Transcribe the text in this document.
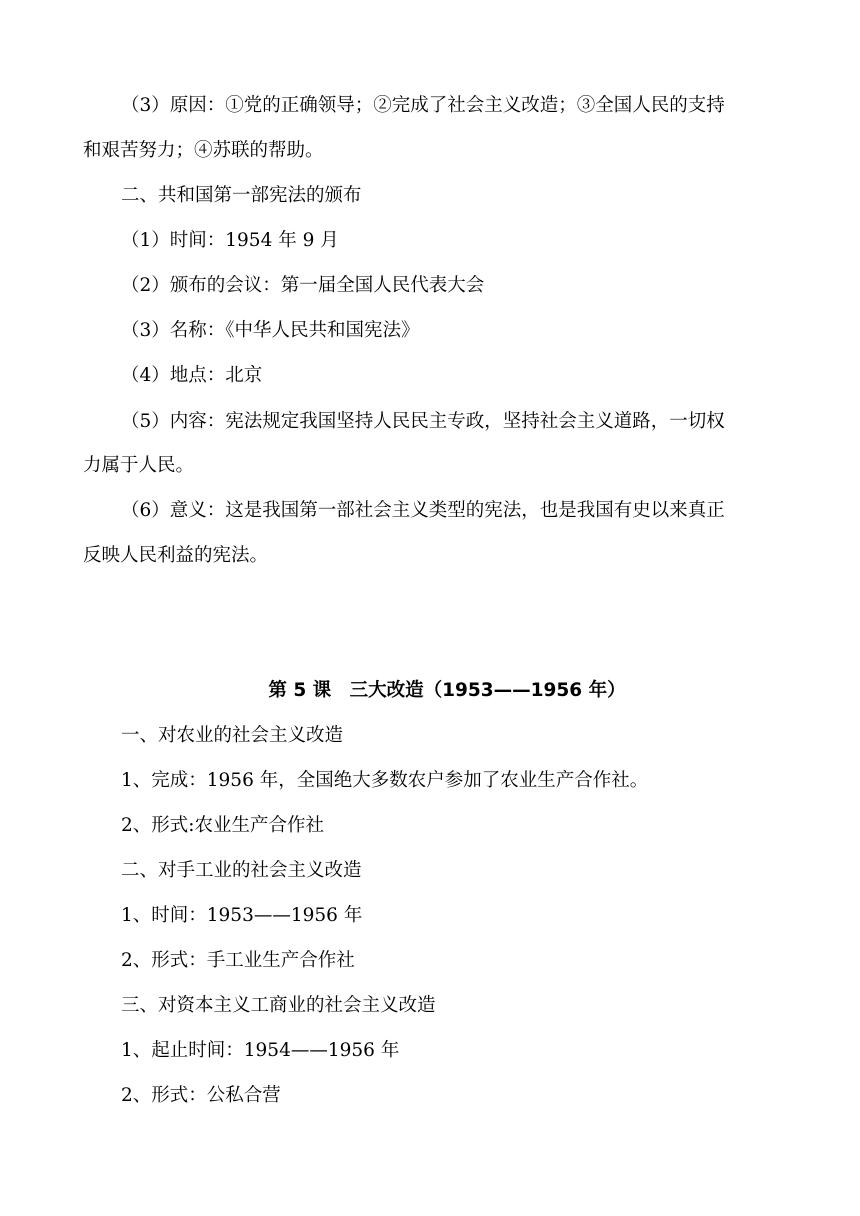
（3）原因：①党的正确领导；②完成了社会主义改造；③全国人民的支持
和艰苦努力；④苏联的帮助。
二、共和国第一部宪法的颁布
（1）时间：1954 年 9 月
（2）颁布的会议：第一届全国人民代表大会
（3）名称：《中华人民共和国宪法》
（4）地点：北京
（5）内容：宪法规定我国坚持人民民主专政，坚持社会主义道路，一切权
力属于人民。
（6）意义：这是我国第一部社会主义类型的宪法，也是我国有史以来真正
反映人民利益的宪法。
第 5 课　三大改造（1953——1956 年）
一、对农业的社会主义改造
1、完成：1956 年，全国绝大多数农户参加了农业生产合作社。
2、形式:农业生产合作社
二、对手工业的社会主义改造
1、时间：1953——1956 年
2、形式：手工业生产合作社
三、对资本主义工商业的社会主义改造
1、起止时间：1954——1956 年
2、形式：公私合营
